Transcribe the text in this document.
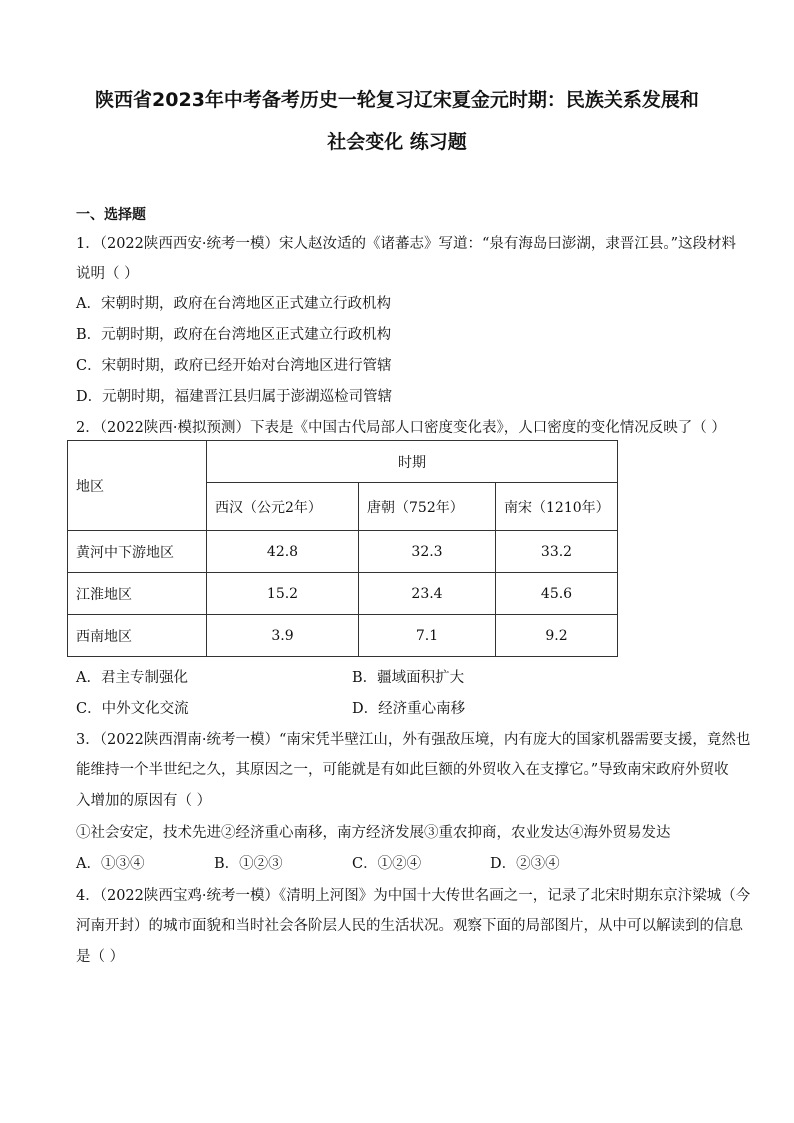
陕西省2023年中考备考历史一轮复习辽宋夏金元时期：民族关系发展和
社会变化 练习题
一、选择题
1．（2022陕西西安·统考一模）宋人赵汝适的《诸蕃志》写道：“泉有海岛曰澎湖，隶晋江县。”这段材料
说明（ ）
A．宋朝时期，政府在台湾地区正式建立行政机构
B．元朝时期，政府在台湾地区正式建立行政机构
C．宋朝时期，政府已经开始对台湾地区进行管辖
D．元朝时期，福建晋江县归属于澎湖巡检司管辖
2．（2022陕西·模拟预测）下表是《中国古代局部人口密度变化表》，人口密度的变化情况反映了（ ）
地区	时期		
	西汉（公元2年）	唐朝（752年）	南宋（1210年）
黄河中下游地区	42.8	32.3	33.2
江淮地区	15.2	23.4	45.6
西南地区	3.9	7.1	9.2
A．君主专制强化	B．疆域面积扩大
C．中外文化交流	D．经济重心南移
3．（2022陕西渭南·统考一模）“南宋凭半壁江山，外有强敌压境，内有庞大的国家机器需要支援，竟然也
能维持一个半世纪之久，其原因之一，可能就是有如此巨额的外贸收入在支撑它。”导致南宋政府外贸收
入增加的原因有（ ）
①社会安定，技术先进②经济重心南移，南方经济发展③重农抑商，农业发达④海外贸易发达
A．①③④	B．①②③	C．①②④	D．②③④
4．（2022陕西宝鸡·统考一模）《清明上河图》为中国十大传世名画之一，记录了北宋时期东京汴梁城（今
河南开封）的城市面貌和当时社会各阶层人民的生活状况。观察下面的局部图片，从中可以解读到的信息
是（ ）
